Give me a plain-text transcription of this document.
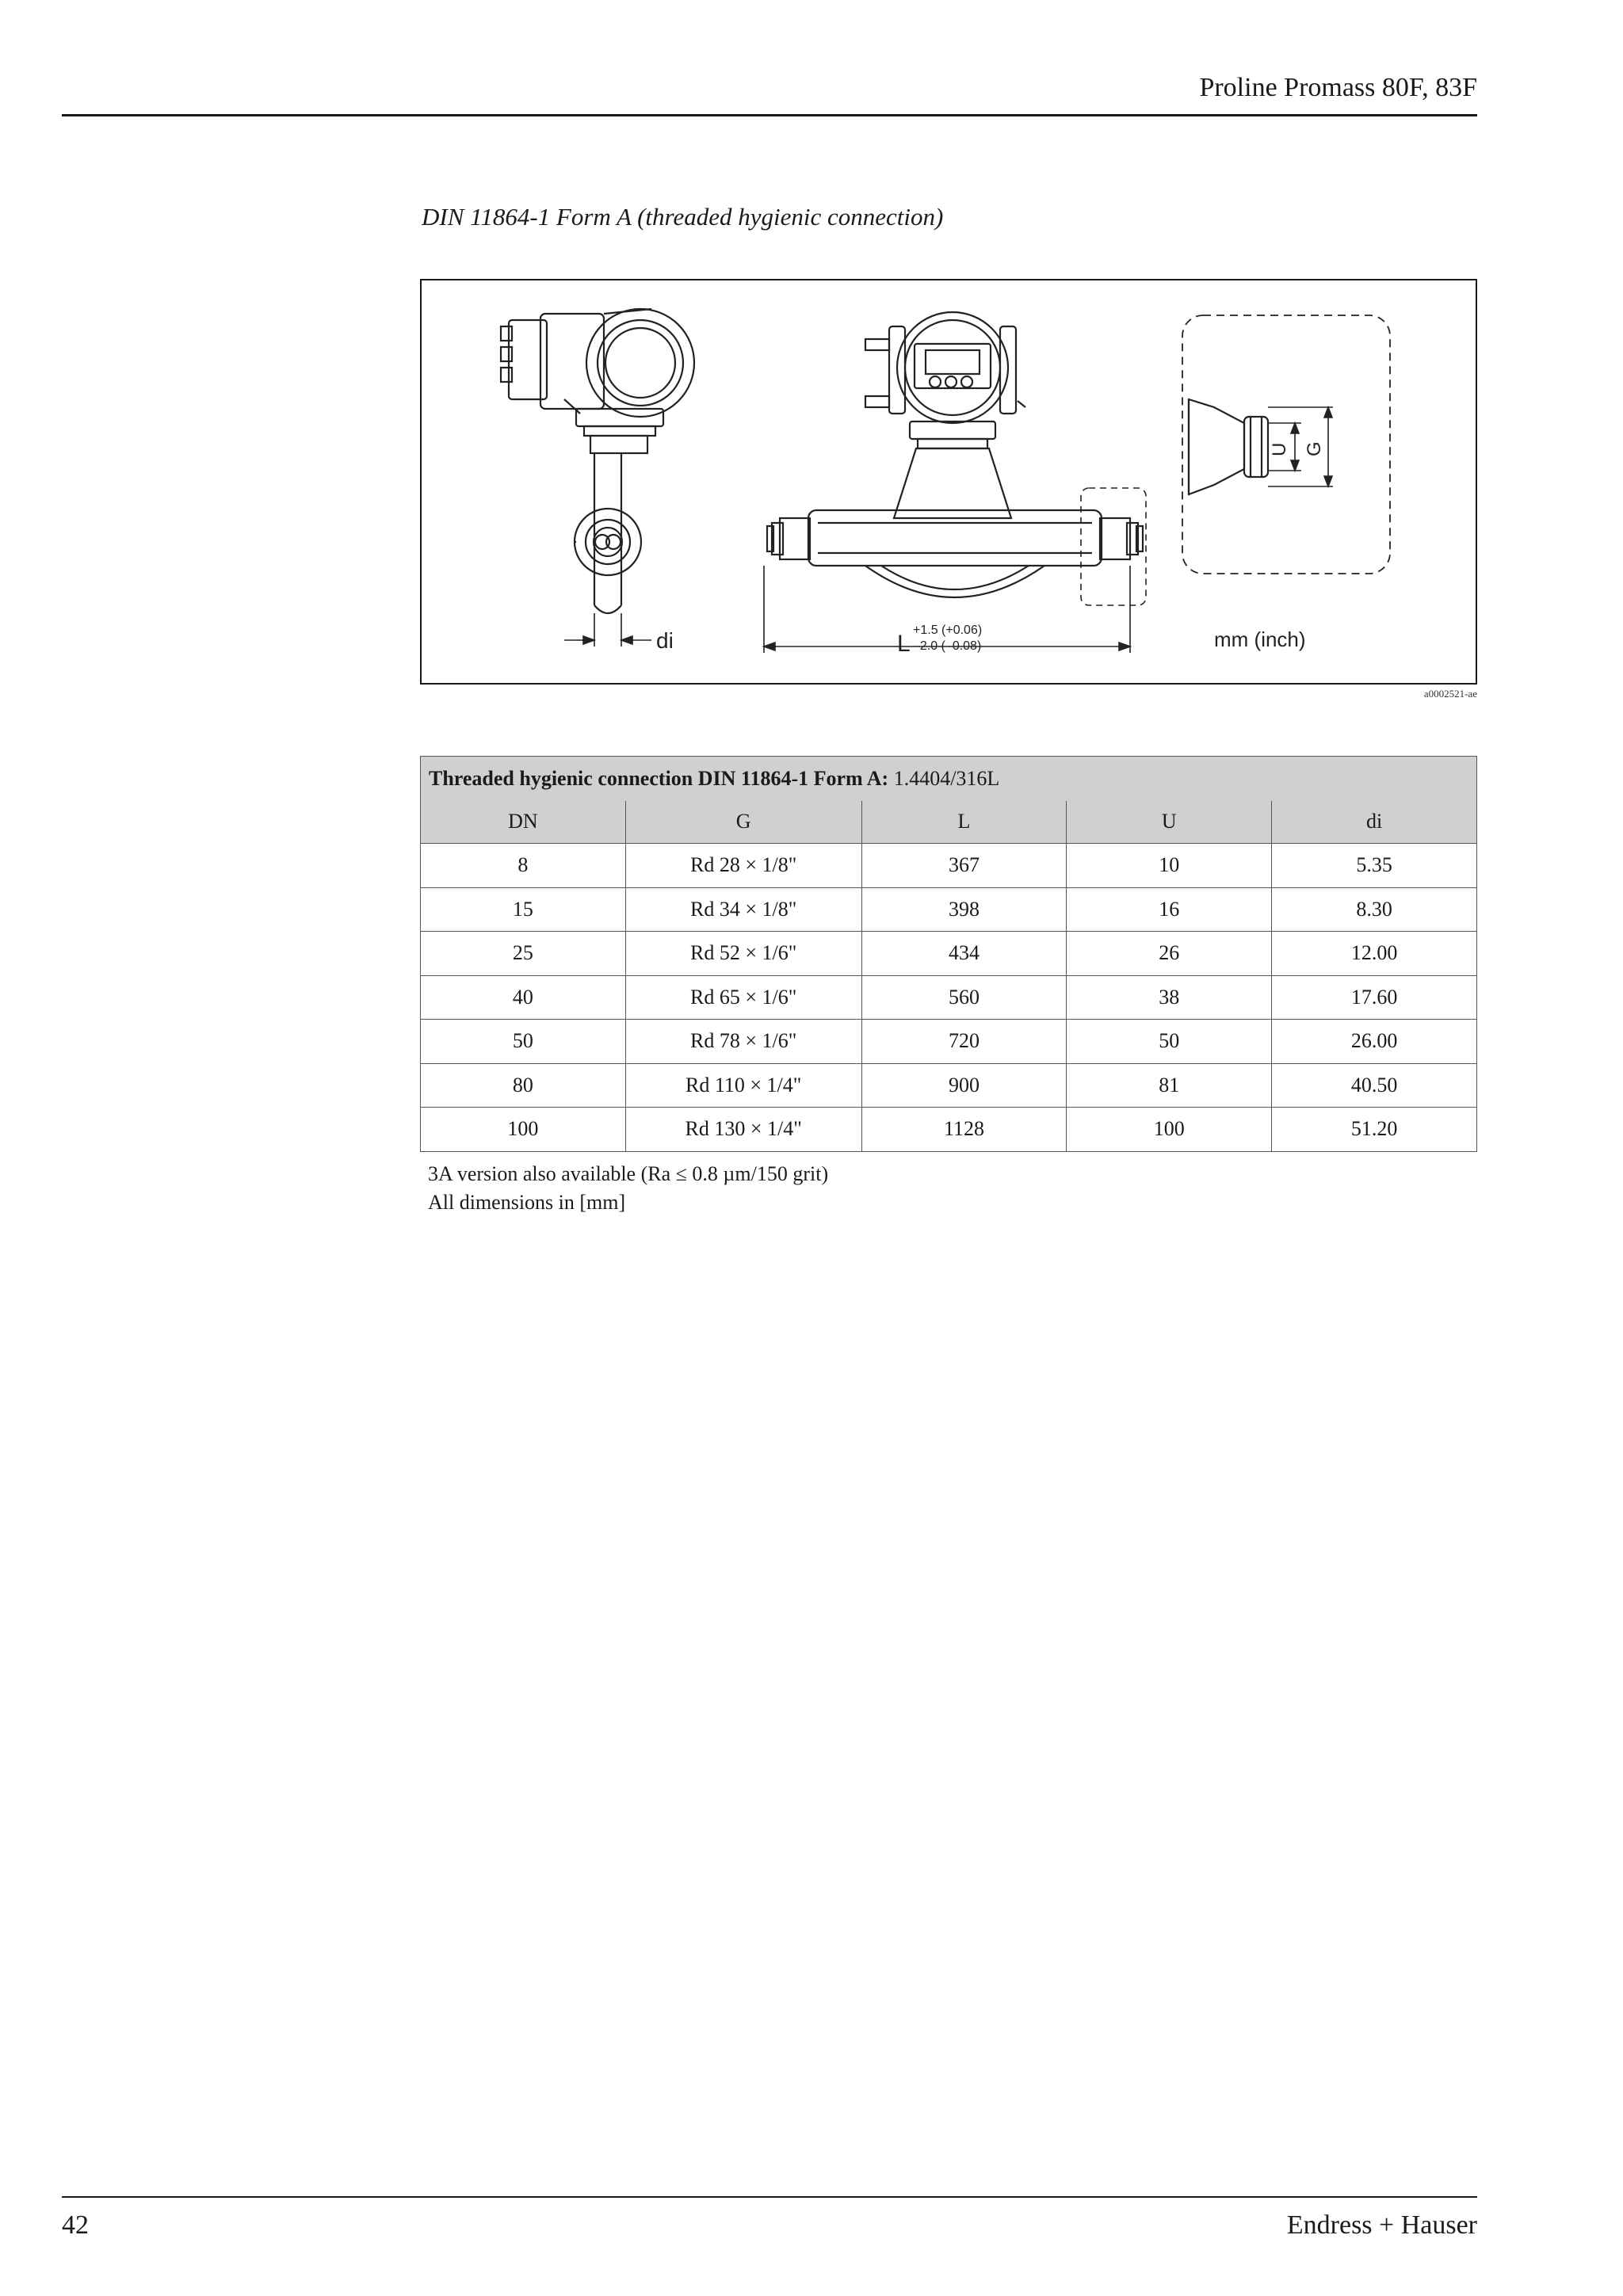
Proline Promass 80F, 83F
DIN 11864-1 Form A (threaded hygienic connection)
di	L
+1.5 (+0.06)
–2.0 (–0.08)
U G
mm (inch)
a0002521-ae
Threaded hygienic connection DIN 11864-1 Form A: 1.4404/316L				
DN	G	L	U	di
8	Rd 28 × 1/8"	367	10	5.35
15	Rd 34 × 1/8"	398	16	8.30
25	Rd 52 × 1/6"	434	26	12.00
40	Rd 65 × 1/6"	560	38	17.60
50	Rd 78 × 1/6"	720	50	26.00
80	Rd 110 × 1/4"	900	81	40.50
100	Rd 130 × 1/4"	1128	100	51.20
3A version also available (Ra ≤ 0.8 µm/150 grit)
All dimensions in [mm]
42	Endress + Hauser
